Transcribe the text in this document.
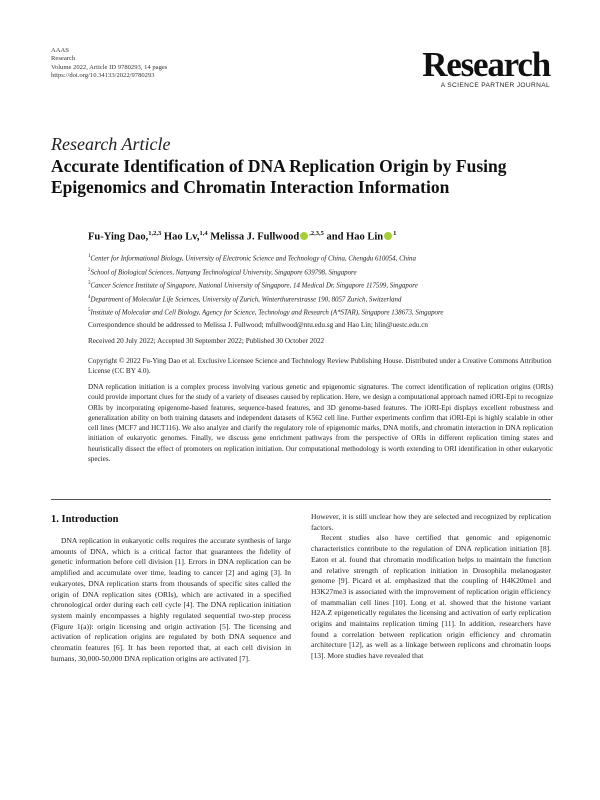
AAAS
Research
Volume 2022, Article ID 9780293, 14 pages
https://doi.org/10.34133/2022/9780293	Research
A SCIENCE PARTNER JOURNAL
Research Article
Accurate Identification of DNA Replication Origin by Fusing Epigenomics and Chromatin Interaction Information
Fu-Ying Dao,$^{1,2,3}$ Hao Lv,$^{1,4}$ Melissa J. Fullwood $^{,2,3,5}$ and Hao Lin $^1$
$^1$Center for Informational Biology, University of Electronic Science and Technology of China, Chengdu 610054, China
$^2$School of Biological Sciences, Nanyang Technological University, Singapore 639798, Singapore
$^3$Cancer Science Institute of Singapore, National University of Singapore, 14 Medical Dr, Singapore 117599, Singapore
$^4$Department of Molecular Life Sciences, University of Zurich, Winterthurerstrasse 190, 8057 Zurich, Switzerland
$^5$Institute of Molecular and Cell Biology, Agency for Science, Technology and Research (A*STAR), Singapore 138673, Singapore
Correspondence should be addressed to Melissa J. Fullwood; mfullwood@ntu.edu.sg and Hao Lin; hlin@uestc.edu.cn
Received 20 July 2022; Accepted 30 September 2022; Published 30 October 2022
Copyright © 2022 Fu-Ying Dao et al. Exclusive Licensee Science and Technology Review Publishing House. Distributed under a Creative Commons Attribution License (CC BY 4.0).
DNA replication initiation is a complex process involving various genetic and epigenomic signatures. The correct identification of replication origins (ORIs) could provide important clues for the study of a variety of diseases caused by replication. Here, we design a computational approach named iORI-Epi to recognize ORIs by incorporating epigenome-based features, sequence-based features, and 3D genome-based features. The iORI-Epi displays excellent robustness and generalization ability on both training datasets and independent datasets of K562 cell line. Further experiments confirm that iORI-Epi is highly scalable in other cell lines (MCF7 and HCT116). We also analyze and clarify the regulatory role of epigenomic marks, DNA motifs, and chromatin interaction in DNA replication initiation of eukaryotic genomes. Finally, we discuss gene enrichment pathways from the perspective of ORIs in different replication timing states and heuristically dissect the effect of promoters on replication initiation. Our computational methodology is worth extending to ORI identification in other eukaryotic species.
1. Introduction

DNA replication in eukaryotic cells requires the accurate synthesis of large amounts of DNA, which is a critical factor that guarantees the fidelity of genetic information before cell division [1]. Errors in DNA replication can be amplified and accumulate over time, leading to cancer [2] and aging [3]. In eukaryotes, DNA replication starts from thousands of specific sites called the origin of DNA replication sites (ORIs), which are activated in a specified chronological order during each cell cycle [4]. The DNA replication initiation system mainly encompasses a highly regulated sequential two-step process (Figure 1(a)): origin licensing and origin activation [5]. The licensing and activation of replication origins are regulated by both DNA sequence and chromatin features [6]. It has been reported that, at each cell division in humans, 30,000-50,000 DNA replication origins are activated [7].

However, it is still unclear how they are selected and recognized by replication factors.

Recent studies also have certified that genomic and epigenomic characteristics contribute to the regulation of DNA replication initiation [8]. Eaton et al. found that chromatin modification helps to maintain the function and relative strength of replication initiation in Drosophila melanogaster genome [9]. Picard et al. emphasized that the coupling of H4K20me1 and H3K27me3 is associated with the improvement of replication origin efficiency of mammalian cell lines [10]. Long et al. showed that the histone variant H2A.Z epigenetically regulates the licensing and activation of early replication origins and maintains replication timing [11]. In addition, researchers have found a correlation between replication origin efficiency and chromatin architecture [12], as well as a linkage between replicons and chromatin loops [13]. More studies have revealed that
